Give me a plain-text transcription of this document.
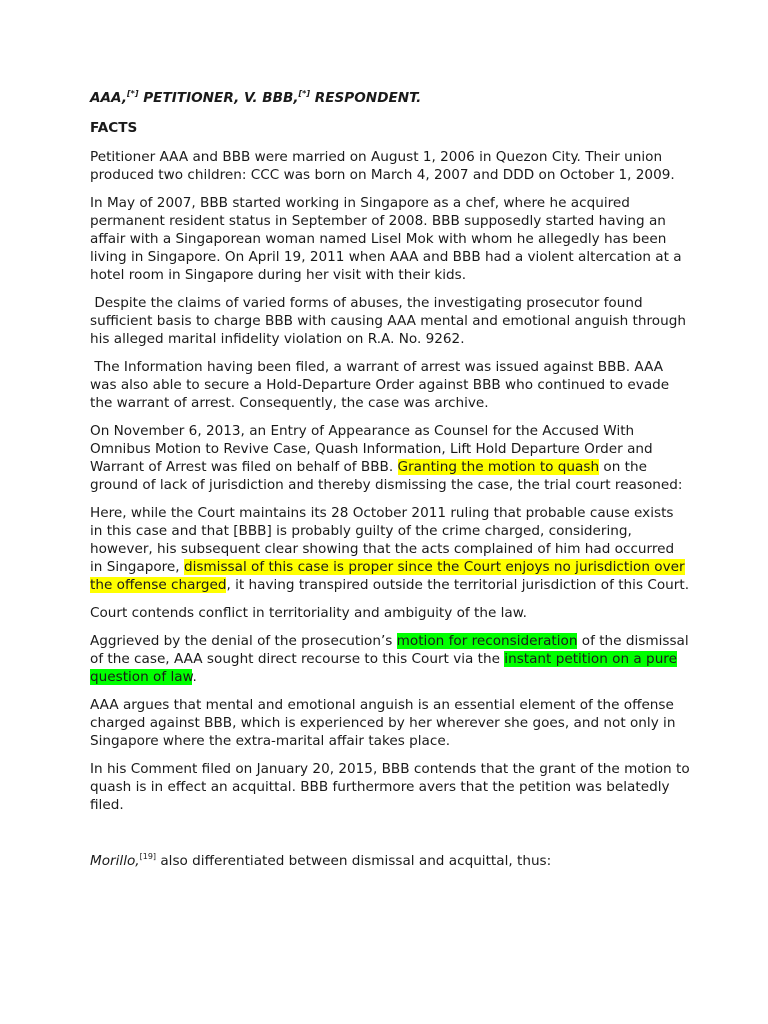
AAA,[*] PETITIONER, V. BBB,[*] RESPONDENT.
FACTS

Petitioner AAA and BBB were married on August 1, 2006 in Quezon City. Their union produced two children: CCC was born on March 4, 2007 and DDD on October 1, 2009.

In May of 2007, BBB started working in Singapore as a chef, where he acquired permanent resident status in September of 2008. BBB supposedly started having an affair with a Singaporean woman named Lisel Mok with whom he allegedly has been living in Singapore. On April 19, 2011 when AAA and BBB had a violent altercation at a hotel room in Singapore during her visit with their kids.

Despite the claims of varied forms of abuses, the investigating prosecutor found sufficient basis to charge BBB with causing AAA mental and emotional anguish through his alleged marital infidelity violation on R.A. No. 9262.

The Information having been filed, a warrant of arrest was issued against BBB. AAA was also able to secure a Hold-Departure Order against BBB who continued to evade the warrant of arrest. Consequently, the case was archive.

On November 6, 2013, an Entry of Appearance as Counsel for the Accused With Omnibus Motion to Revive Case, Quash Information, Lift Hold Departure Order and Warrant of Arrest was filed on behalf of BBB. Granting the motion to quash on the ground of lack of jurisdiction and thereby dismissing the case, the trial court reasoned:

Here, while the Court maintains its 28 October 2011 ruling that probable cause exists in this case and that [BBB] is probably guilty of the crime charged, considering, however, his subsequent clear showing that the acts complained of him had occurred in Singapore, dismissal of this case is proper since the Court enjoys no jurisdiction over the offense charged, it having transpired outside the territorial jurisdiction of this Court.

Court contends conflict in territoriality and ambiguity of the law.

Aggrieved by the denial of the prosecution’s motion for reconsideration of the dismissal of the case, AAA sought direct recourse to this Court via the instant petition on a pure question of law.

AAA argues that mental and emotional anguish is an essential element of the offense charged against BBB, which is experienced by her wherever she goes, and not only in Singapore where the extra-marital affair takes place.

In his Comment filed on January 20, 2015, BBB contends that the grant of the motion to quash is in effect an acquittal. BBB furthermore avers that the petition was belatedly filed.

Morillo,[19] also differentiated between dismissal and acquittal, thus:
